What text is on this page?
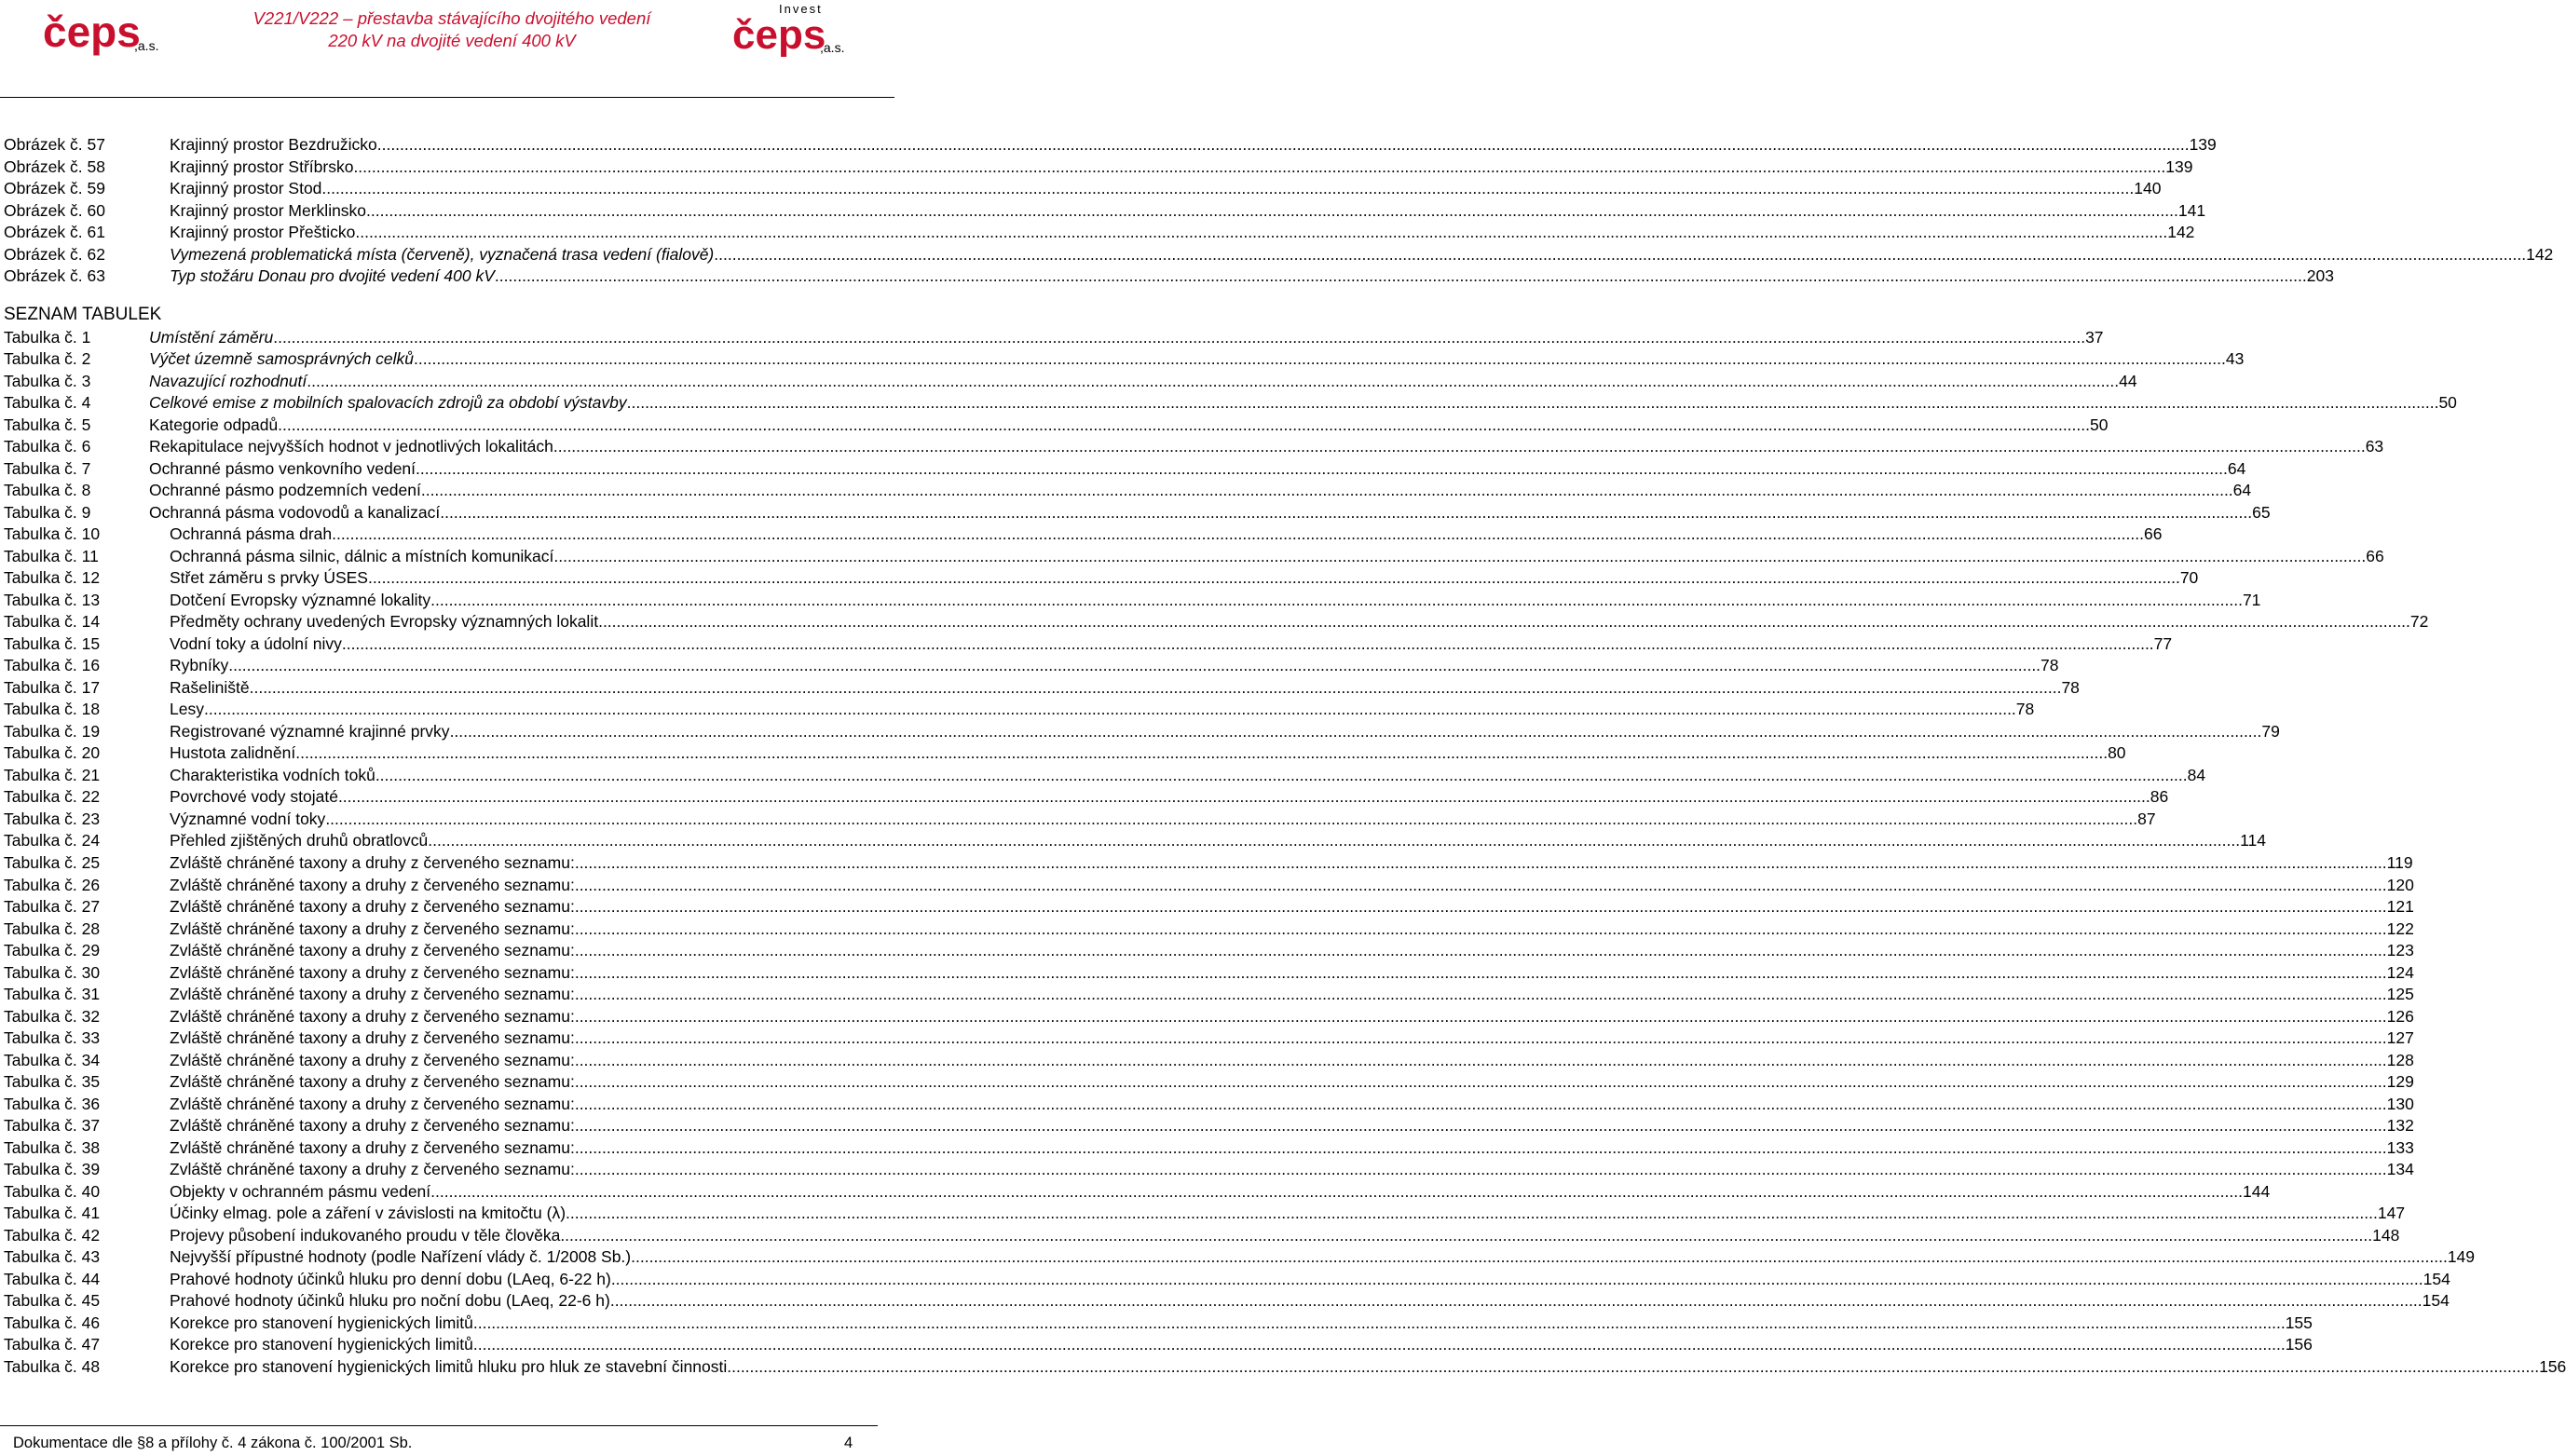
čeps
,a.s.
V221/V222 – přestavba stávajícího dvojitého vedení
220 kV na dvojité vedení 400 kV
Invest
čeps
,a.s.
Obrázek č. 57	Krajinný prostor Bezdružicko ................................................................................................................................................................................................................................................................................................................................................................................................................ 139
Obrázek č. 58	Krajinný prostor Stříbrsko ................................................................................................................................................................................................................................................................................................................................................................................................................ 139
Obrázek č. 59	Krajinný prostor Stod ................................................................................................................................................................................................................................................................................................................................................................................................................ 140
Obrázek č. 60	Krajinný prostor Merklinsko ................................................................................................................................................................................................................................................................................................................................................................................................................ 141
Obrázek č. 61	Krajinný prostor Přešticko ................................................................................................................................................................................................................................................................................................................................................................................................................ 142
Obrázek č. 62	Vymezená problematická místa (červeně), vyznačená trasa vedení (fialově) ................................................................................................................................................................................................................................................................................................................................................................................................................ 142
Obrázek č. 63	Typ stožáru Donau pro dvojité vedení 400 kV ................................................................................................................................................................................................................................................................................................................................................................................................................ 203
SEZNAM TABULEK
Tabulka č. 1	Umístění záměru ................................................................................................................................................................................................................................................................................................................................................................................................................ 37
Tabulka č. 2	Výčet územně samosprávných celků ................................................................................................................................................................................................................................................................................................................................................................................................................ 43
Tabulka č. 3	Navazující rozhodnutí ................................................................................................................................................................................................................................................................................................................................................................................................................ 44
Tabulka č. 4	Celkové emise z mobilních spalovacích zdrojů za období výstavby ................................................................................................................................................................................................................................................................................................................................................................................................................ 50
Tabulka č. 5	Kategorie odpadů ................................................................................................................................................................................................................................................................................................................................................................................................................ 50
Tabulka č. 6	Rekapitulace nejvyšších hodnot v jednotlivých lokalitách ................................................................................................................................................................................................................................................................................................................................................................................................................ 63
Tabulka č. 7	Ochranné pásmo venkovního vedení ................................................................................................................................................................................................................................................................................................................................................................................................................ 64
Tabulka č. 8	Ochranné pásmo podzemních vedení ................................................................................................................................................................................................................................................................................................................................................................................................................ 64
Tabulka č. 9	Ochranná pásma vodovodů a kanalizací ................................................................................................................................................................................................................................................................................................................................................................................................................ 65
Tabulka č. 10	Ochranná pásma drah ................................................................................................................................................................................................................................................................................................................................................................................................................ 66
Tabulka č. 11	Ochranná pásma silnic, dálnic a místních komunikací ................................................................................................................................................................................................................................................................................................................................................................................................................ 66
Tabulka č. 12	Střet záměru s prvky ÚSES ................................................................................................................................................................................................................................................................................................................................................................................................................ 70
Tabulka č. 13	Dotčení Evropsky významné lokality ................................................................................................................................................................................................................................................................................................................................................................................................................ 71
Tabulka č. 14	Předměty ochrany uvedených Evropsky významných lokalit ................................................................................................................................................................................................................................................................................................................................................................................................................ 72
Tabulka č. 15	Vodní toky a údolní nivy ................................................................................................................................................................................................................................................................................................................................................................................................................ 77
Tabulka č. 16	Rybníky ................................................................................................................................................................................................................................................................................................................................................................................................................ 78
Tabulka č. 17	Rašeliniště ................................................................................................................................................................................................................................................................................................................................................................................................................ 78
Tabulka č. 18	Lesy ................................................................................................................................................................................................................................................................................................................................................................................................................ 78
Tabulka č. 19	Registrované významné krajinné prvky ................................................................................................................................................................................................................................................................................................................................................................................................................ 79
Tabulka č. 20	Hustota zalidnění ................................................................................................................................................................................................................................................................................................................................................................................................................ 80
Tabulka č. 21	Charakteristika vodních toků ................................................................................................................................................................................................................................................................................................................................................................................................................ 84
Tabulka č. 22	Povrchové vody stojaté ................................................................................................................................................................................................................................................................................................................................................................................................................ 86
Tabulka č. 23	Významné vodní toky ................................................................................................................................................................................................................................................................................................................................................................................................................ 87
Tabulka č. 24	Přehled zjištěných druhů obratlovců ................................................................................................................................................................................................................................................................................................................................................................................................................ 114
Tabulka č. 25	Zvláště chráněné taxony a druhy z červeného seznamu: ................................................................................................................................................................................................................................................................................................................................................................................................................ 119
Tabulka č. 26	Zvláště chráněné taxony a druhy z červeného seznamu: ................................................................................................................................................................................................................................................................................................................................................................................................................ 120
Tabulka č. 27	Zvláště chráněné taxony a druhy z červeného seznamu: ................................................................................................................................................................................................................................................................................................................................................................................................................ 121
Tabulka č. 28	Zvláště chráněné taxony a druhy z červeného seznamu: ................................................................................................................................................................................................................................................................................................................................................................................................................ 122
Tabulka č. 29	Zvláště chráněné taxony a druhy z červeného seznamu: ................................................................................................................................................................................................................................................................................................................................................................................................................ 123
Tabulka č. 30	Zvláště chráněné taxony a druhy z červeného seznamu: ................................................................................................................................................................................................................................................................................................................................................................................................................ 124
Tabulka č. 31	Zvláště chráněné taxony a druhy z červeného seznamu: ................................................................................................................................................................................................................................................................................................................................................................................................................ 125
Tabulka č. 32	Zvláště chráněné taxony a druhy z červeného seznamu: ................................................................................................................................................................................................................................................................................................................................................................................................................ 126
Tabulka č. 33	Zvláště chráněné taxony a druhy z červeného seznamu: ................................................................................................................................................................................................................................................................................................................................................................................................................ 127
Tabulka č. 34	Zvláště chráněné taxony a druhy z červeného seznamu: ................................................................................................................................................................................................................................................................................................................................................................................................................ 128
Tabulka č. 35	Zvláště chráněné taxony a druhy z červeného seznamu: ................................................................................................................................................................................................................................................................................................................................................................................................................ 129
Tabulka č. 36	Zvláště chráněné taxony a druhy z červeného seznamu: ................................................................................................................................................................................................................................................................................................................................................................................................................ 130
Tabulka č. 37	Zvláště chráněné taxony a druhy z červeného seznamu: ................................................................................................................................................................................................................................................................................................................................................................................................................ 132
Tabulka č. 38	Zvláště chráněné taxony a druhy z červeného seznamu: ................................................................................................................................................................................................................................................................................................................................................................................................................ 133
Tabulka č. 39	Zvláště chráněné taxony a druhy z červeného seznamu: ................................................................................................................................................................................................................................................................................................................................................................................................................ 134
Tabulka č. 40	Objekty v ochranném pásmu vedení ................................................................................................................................................................................................................................................................................................................................................................................................................ 144
Tabulka č. 41	Účinky elmag. pole a záření v závislosti na kmitočtu (λ) ................................................................................................................................................................................................................................................................................................................................................................................................................ 147
Tabulka č. 42	Projevy působení indukovaného proudu v těle člověka ................................................................................................................................................................................................................................................................................................................................................................................................................ 148
Tabulka č. 43	Nejvyšší přípustné hodnoty (podle Nařízení vlády č. 1/2008 Sb.). ................................................................................................................................................................................................................................................................................................................................................................................................................ 149
Tabulka č. 44	Prahové hodnoty účinků hluku pro denní dobu (LAeq, 6-22 h) ................................................................................................................................................................................................................................................................................................................................................................................................................ 154
Tabulka č. 45	Prahové hodnoty účinků hluku pro noční dobu (LAeq, 22-6 h) ................................................................................................................................................................................................................................................................................................................................................................................................................ 154
Tabulka č. 46	Korekce pro stanovení hygienických limitů ................................................................................................................................................................................................................................................................................................................................................................................................................ 155
Tabulka č. 47	Korekce pro stanovení hygienických limitů ................................................................................................................................................................................................................................................................................................................................................................................................................ 156
Tabulka č. 48	Korekce pro stanovení hygienických limitů hluku pro hluk ze stavební činnosti ................................................................................................................................................................................................................................................................................................................................................................................................................ 156
Dokumentace dle §8 a přílohy č. 4 zákona č. 100/2001 Sb.	4
